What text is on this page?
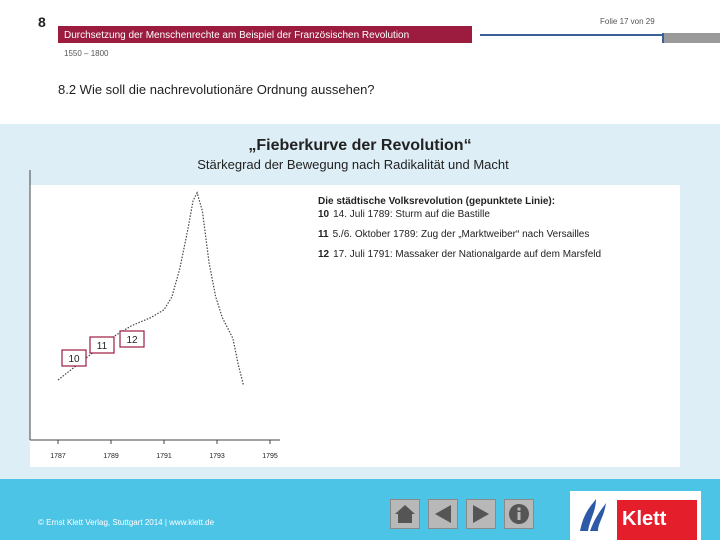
8	Folie 17 von 29
Durchsetzung der Menschenrechte am Beispiel der Französischen Revolution
1550 – 1800
8.2 Wie soll die nachrevolutionäre Ordnung aussehen?
„Fieberkurve der Revolution“
Stärkegrad der Bewegung nach Radikalität und Macht
1787	1789	1791	1793	1795
10
11
12
Die städtische Volksrevolution (gepunktete Linie):
10 14. Juli 1789: Sturm auf die Bastille
11 5./6. Oktober 1789: Zug der „Marktweiber“ nach Versailles
12 17. Juli 1791: Massaker der Nationalgarde auf dem Marsfeld
© Ernst Klett Verlag, Stuttgart 2014 | www.klett.de	Klett
